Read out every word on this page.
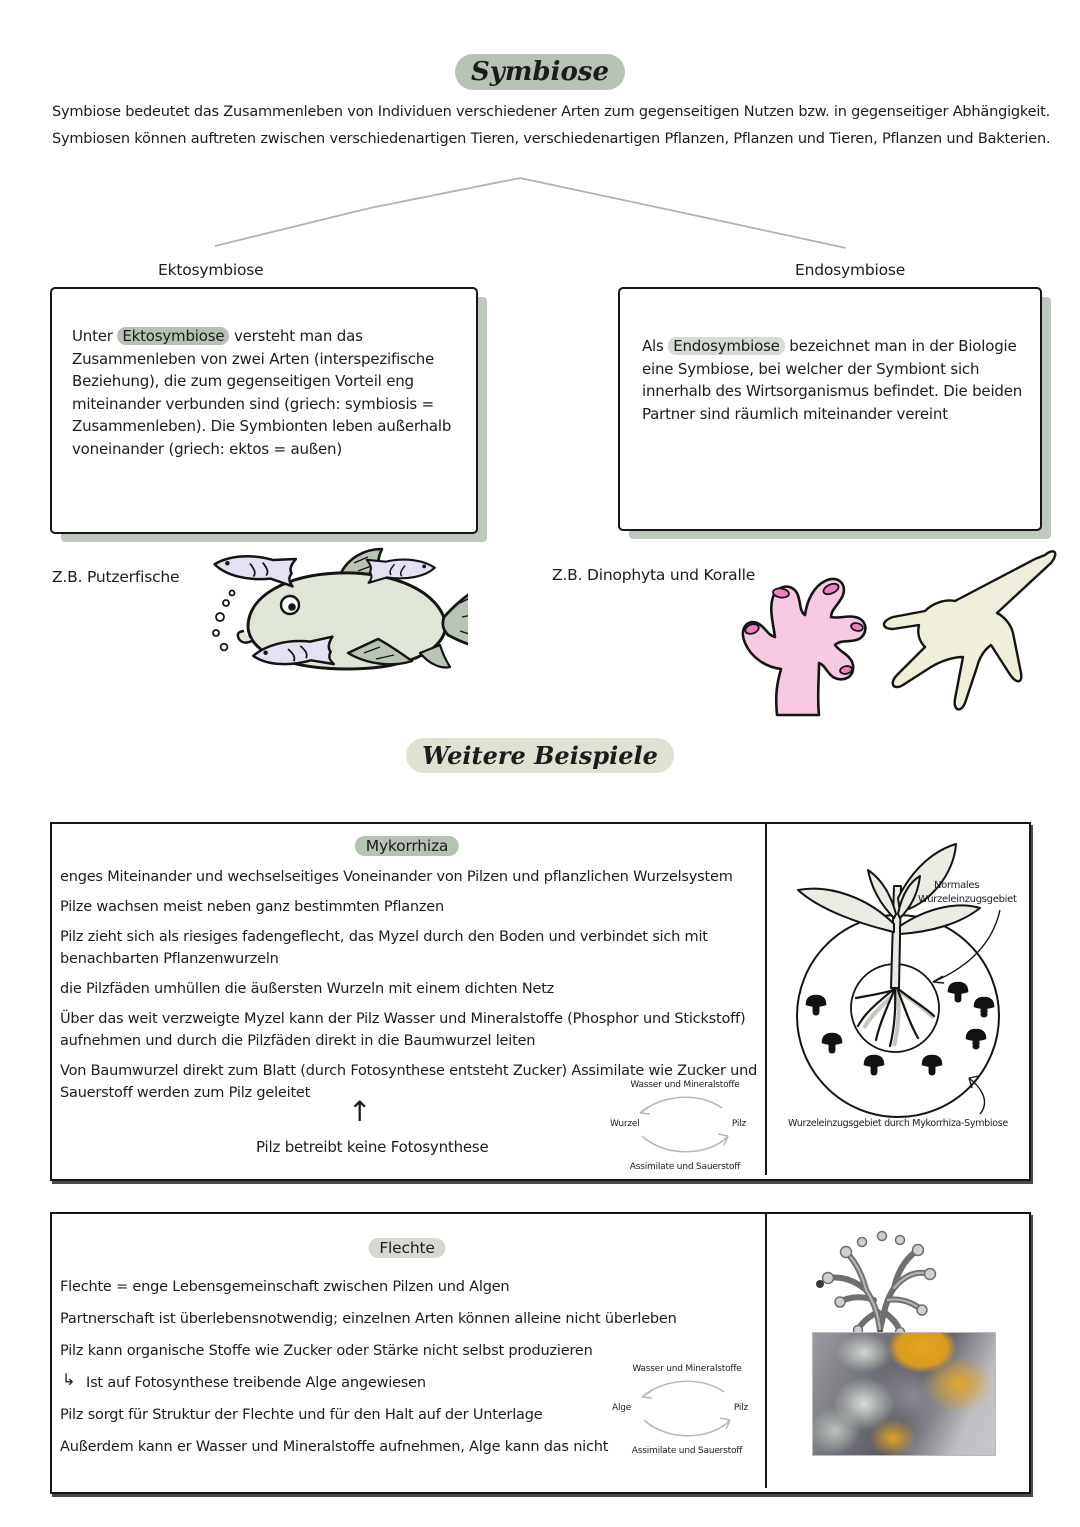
Symbiose
Symbiose bedeutet das Zusammenleben von Individuen verschiedener Arten zum gegenseitigen Nutzen bzw. in gegenseitiger Abhängigkeit.
Symbiosen können auftreten zwischen verschiedenartigen Tieren, verschiedenartigen Pflanzen, Pflanzen und Tieren, Pflanzen und Bakterien.
Ektosymbiose	Endosymbiose

Unter Ektosymbiose versteht man das Zusammenleben von zwei Arten (interspezifische Beziehung), die zum gegenseitigen Vorteil eng miteinander verbunden sind (griech: symbiosis = Zusammenleben). Die Symbionten leben außerhalb voneinander (griech: ektos = außen)

Als Endosymbiose bezeichnet man in der Biologie eine Symbiose, bei welcher der Symbiont sich innerhalb des Wirtsorganismus befindet. Die beiden Partner sind räumlich miteinander vereint

Z.B. Putzerfische	Z.B. Dinophyta und Koralle
Weitere Beispiele
Mykorrhiza

enges Miteinander und wechselseitiges Voneinander von Pilzen und pflanzlichen Wurzelsystem

Pilze wachsen meist neben ganz bestimmten Pflanzen

Pilz zieht sich als riesiges fadengeflecht, das Myzel durch den Boden und verbindet sich mit benachbarten Pflanzenwurzeln

die Pilzfäden umhüllen die äußersten Wurzeln mit einem dichten Netz

Über das weit verzweigte Myzel kann der Pilz Wasser und Mineralstoffe (Phosphor und Stickstoff) aufnehmen und durch die Pilzfäden direkt in die Baumwurzel leiten

Von Baumwurzel direkt zum Blatt (durch Fotosynthese entsteht Zucker) Assimilate wie Zucker und Sauerstoff werden zum Pilz geleitet

↑
Pilz betreibt keine Fotosynthese
Wasser und Mineralstoffe
Wurzel	Pilz
Assimilate und Sauerstoff
Normales
Wurzeleinzugsgebiet
Wurzeleinzugsgebiet durch Mykorrhiza-Symbiose
Flechte

Flechte = enge Lebensgemeinschaft zwischen Pilzen und Algen

Partnerschaft ist überlebensnotwendig; einzelnen Arten können alleine nicht überleben

Pilz kann organische Stoffe wie Zucker oder Stärke nicht selbst produzieren

↳ Ist auf Fotosynthese treibende Alge angewiesen

Pilz sorgt für Struktur der Flechte und für den Halt auf der Unterlage

Außerdem kann er Wasser und Mineralstoffe aufnehmen, Alge kann das nicht

Wasser und Mineralstoffe
Alge	Pilz
Assimilate und Sauerstoff
